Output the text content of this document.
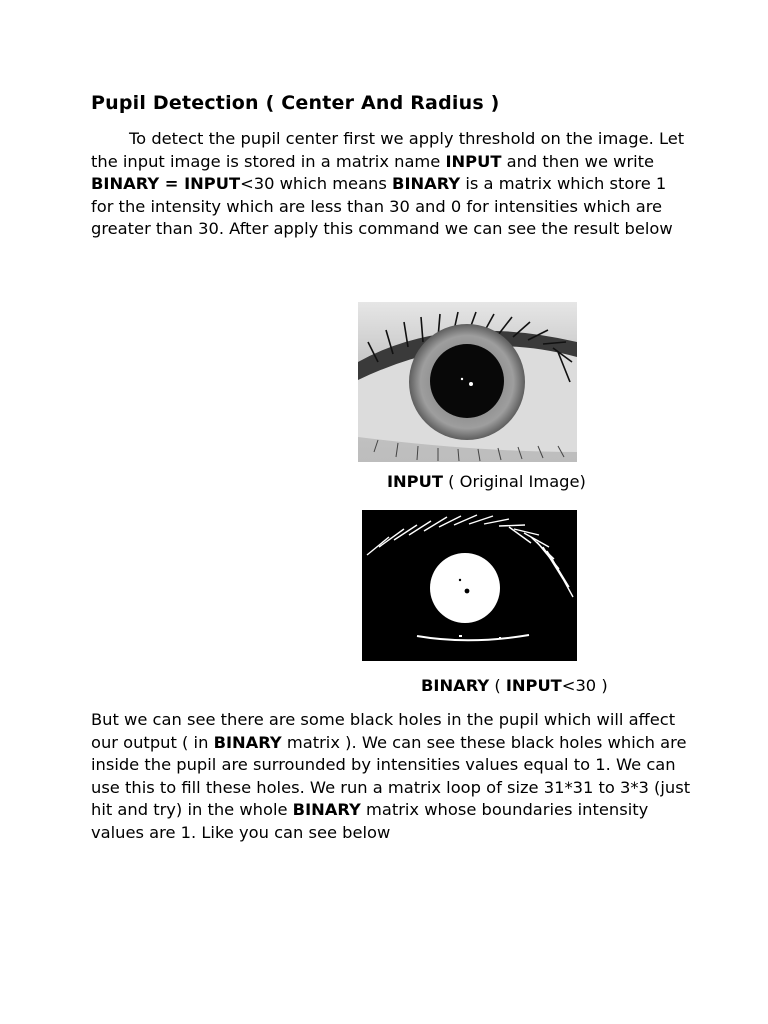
Pupil Detection ( Center And Radius )
To detect the pupil center first we apply threshold on the image. Let the input image is stored in a matrix name INPUT and then we write BINARY = INPUT<30 which means BINARY is a matrix which store 1 for the intensity which are less than 30 and 0 for intensities which are greater than 30. After apply this command we can see the result below
INPUT ( Original Image)
BINARY ( INPUT<30 )
But we can see there are some black holes in the pupil which will affect our output ( in BINARY matrix ). We can see these black holes which are inside the pupil are surrounded by intensities values equal to 1. We can use this to fill these holes. We run a matrix loop of size 31*31 to 3*3 (just hit and try) in the whole BINARY matrix whose boundaries intensity values are 1. Like you can see below
